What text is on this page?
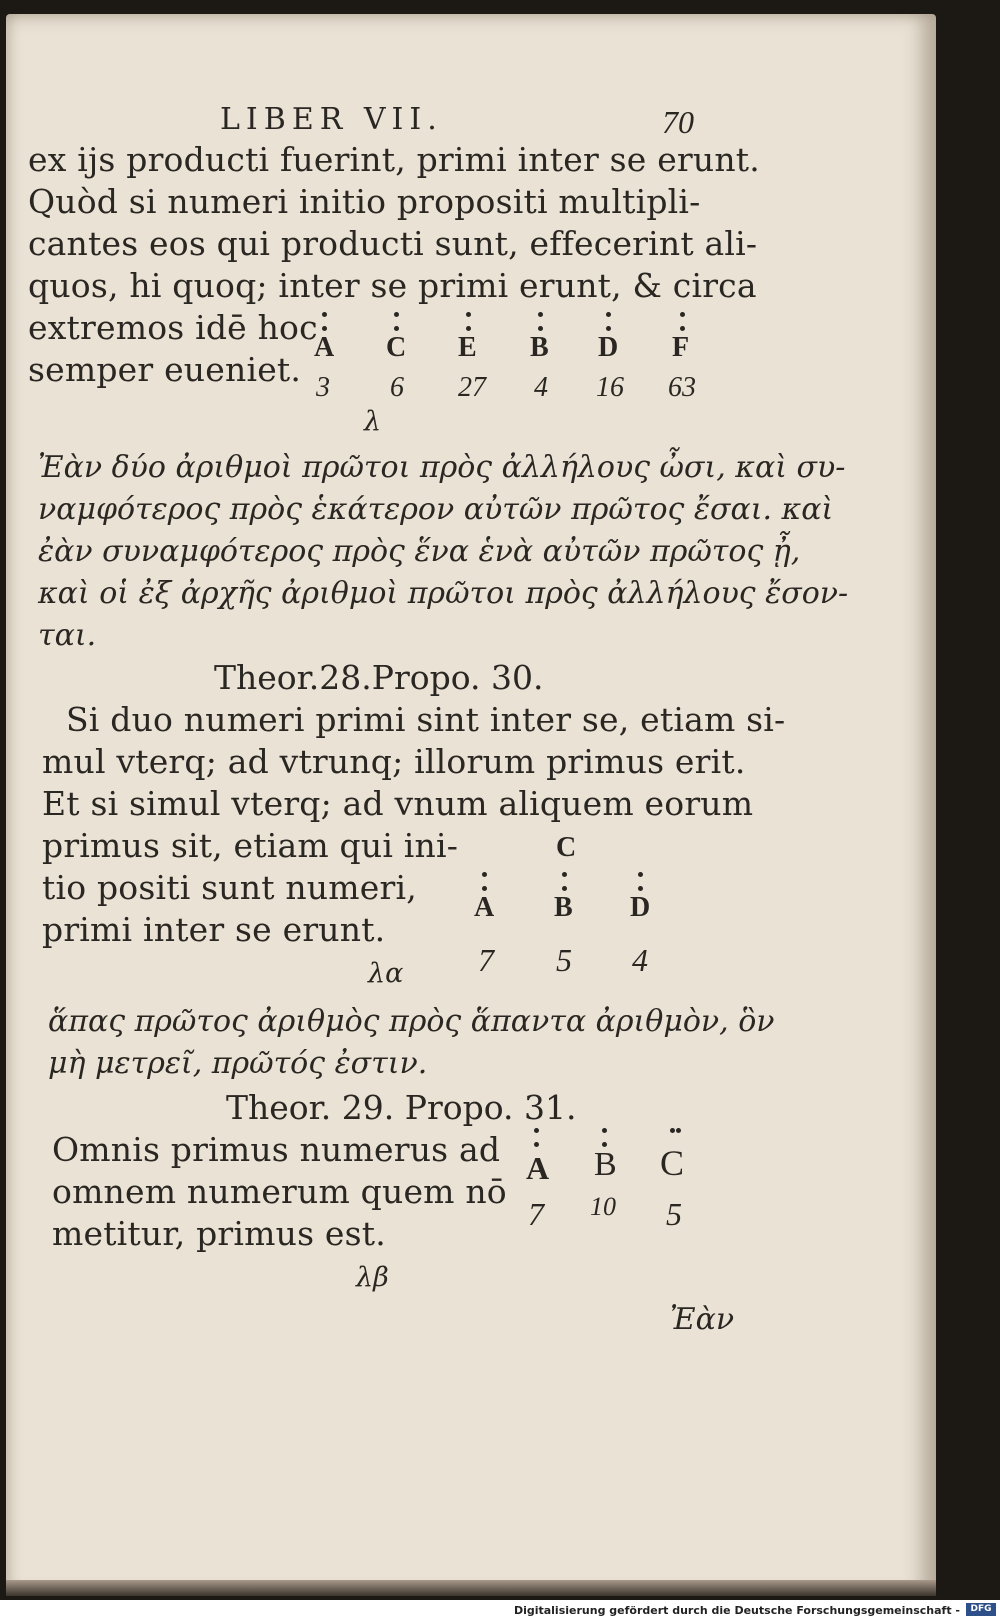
LIBER VII.	70
ex ijs producti fuerint, primi inter se erunt.
Quòd si numeri initio propositi multipli-
cantes eos qui producti sunt, effecerint ali-
quos, hi quoq; inter se primi erunt, & circa
extremos idē hoc
semper eueniet.
A C E B D F
3 6 27 4 16 63
λ
Ἐὰν δύο ἀριθμοὶ πρῶτοι πρὸς ἀλλήλους ὦσι, καὶ συ-
ναμφότερος πρὸς ἑκάτερον αὐτῶν πρῶτος ἔσαι. καὶ
ἐὰν συναμφότερος πρὸς ἕνα ἑνὰ αὐτῶν πρῶτος ᾖ,
καὶ οἱ ἐξ ἀρχῆς ἀριθμοὶ πρῶτοι πρὸς ἀλλήλους ἔσον-
ται.
Theor.28.Propo. 30.
Si duo numeri primi sint inter se, etiam si-
mul vterq; ad vtrunq; illorum primus erit.
Et si simul vterq; ad vnum aliquem eorum
primus sit, etiam qui ini-
tio positi sunt numeri,
primi inter se erunt.
C
A B D
7 5 4
λα
ἅπας πρῶτος ἀριθμὸς πρὸς ἅπαντα ἀριθμὸν, ὃν
μὴ μετρεῖ, πρῶτός ἐστιν.
Theor. 29. Propo. 31.
Omnis primus numerus ad
omnem numerum quem nō
metitur, primus est.
A B C
7 10 5
λβ
Ἐὰν
Digitalisierung gefördert durch die Deutsche Forschungsgemeinschaft -	DFG
